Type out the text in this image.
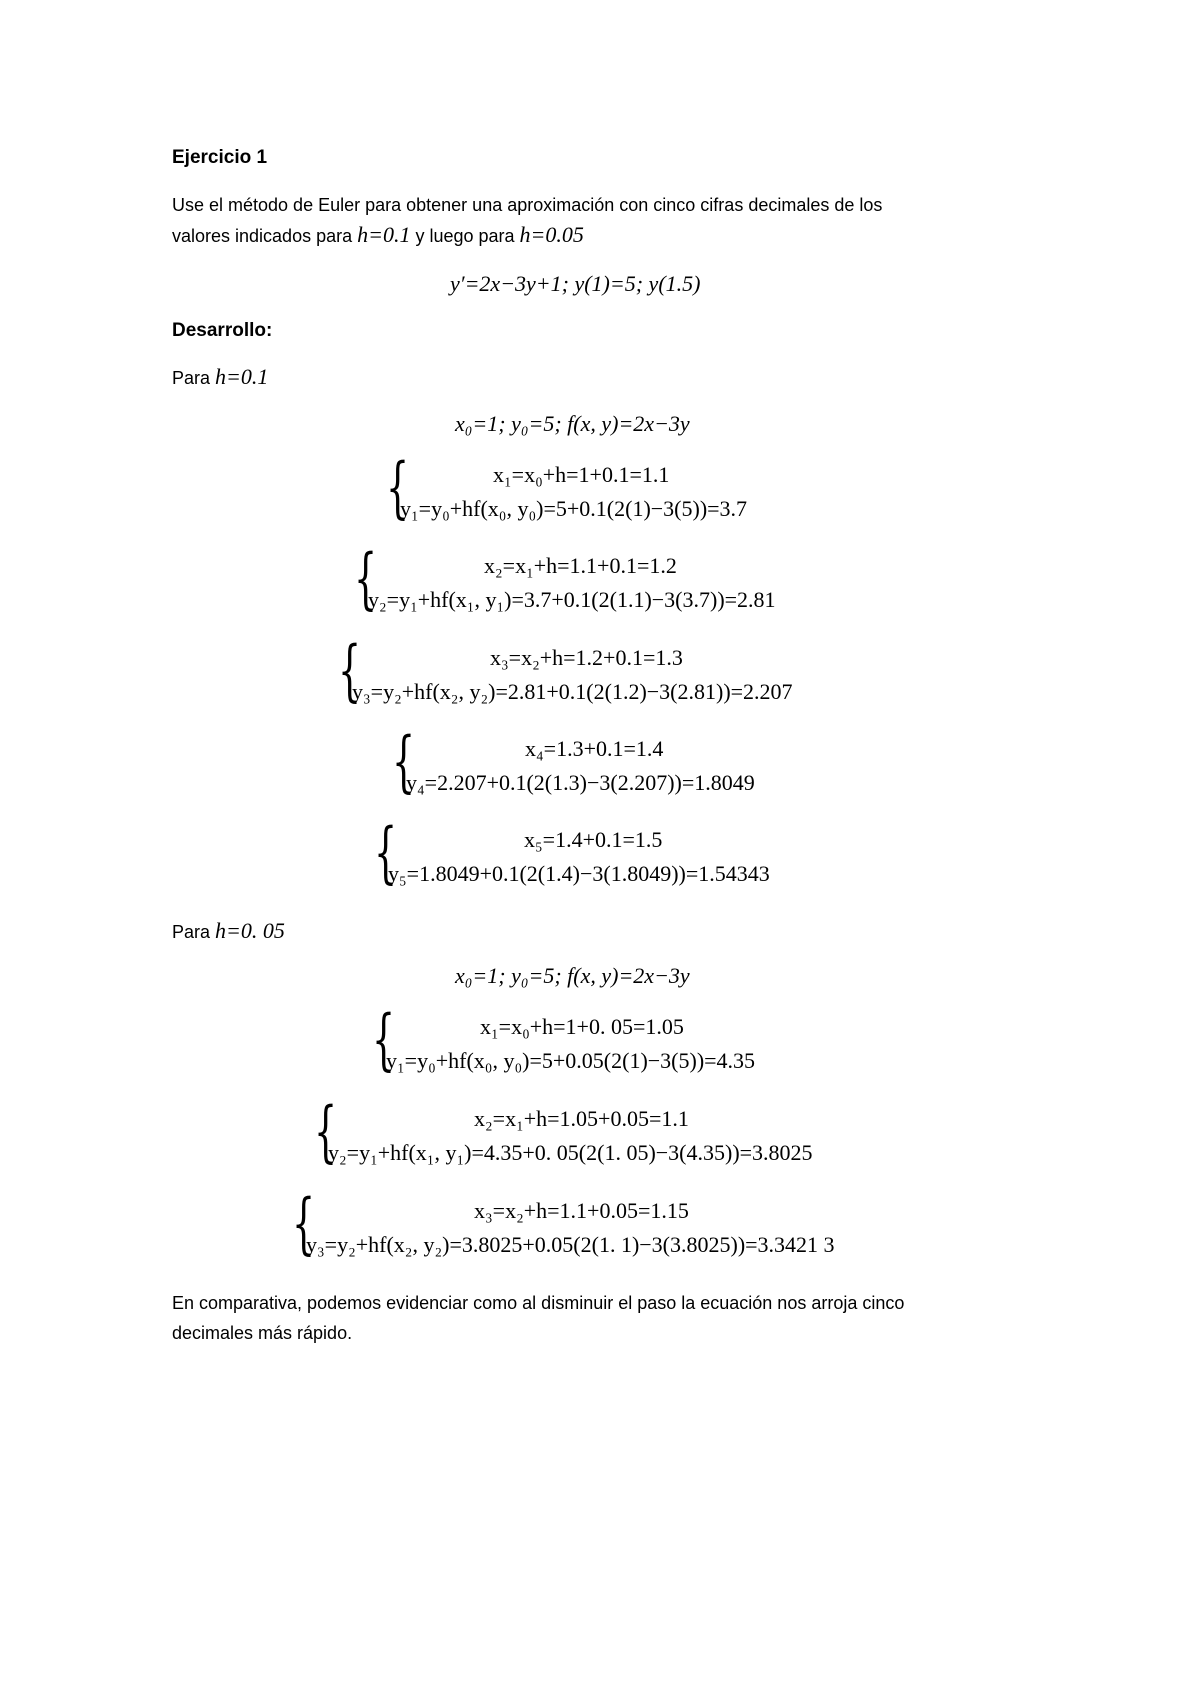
Ejercicio 1
Use el método de Euler para obtener una aproximación con cinco cifras decimales de los
valores indicados para h=0.1 y luego para h=0.05
y′=2x−3y+1; y(1)=5; y(1.5)
Desarrollo:
Para h=0.1
x₀=1; y₀=5; f(x, y)=2x−3y
{	x₁=x₀+h=1+0.1=1.1
y₁=y₀+hf(x₀, y₀)=5+0.1(2(1)−3(5))=3.7
{	x₂=x₁+h=1.1+0.1=1.2
y₂=y₁+hf(x₁, y₁)=3.7+0.1(2(1.1)−3(3.7))=2.81
{	x₃=x₂+h=1.2+0.1=1.3
y₃=y₂+hf(x₂, y₂)=2.81+0.1(2(1.2)−3(2.81))=2.207
{	x₄=1.3+0.1=1.4
y₄=2.207+0.1(2(1.3)−3(2.207))=1.8049
{	x₅=1.4+0.1=1.5
y₅=1.8049+0.1(2(1.4)−3(1.8049))=1.54343
Para h=0. 05
x₀=1; y₀=5; f(x, y)=2x−3y
{	x₁=x₀+h=1+0. 05=1.05
y₁=y₀+hf(x₀, y₀)=5+0.05(2(1)−3(5))=4.35
{	x₂=x₁+h=1.05+0.05=1.1
y₂=y₁+hf(x₁, y₁)=4.35+0. 05(2(1. 05)−3(4.35))=3.8025
{	x₃=x₂+h=1.1+0.05=1.15
y₃=y₂+hf(x₂, y₂)=3.8025+0.05(2(1. 1)−3(3.8025))=3.3421 3
En comparativa, podemos evidenciar como al disminuir el paso la ecuación nos arroja cinco
decimales más rápido.
